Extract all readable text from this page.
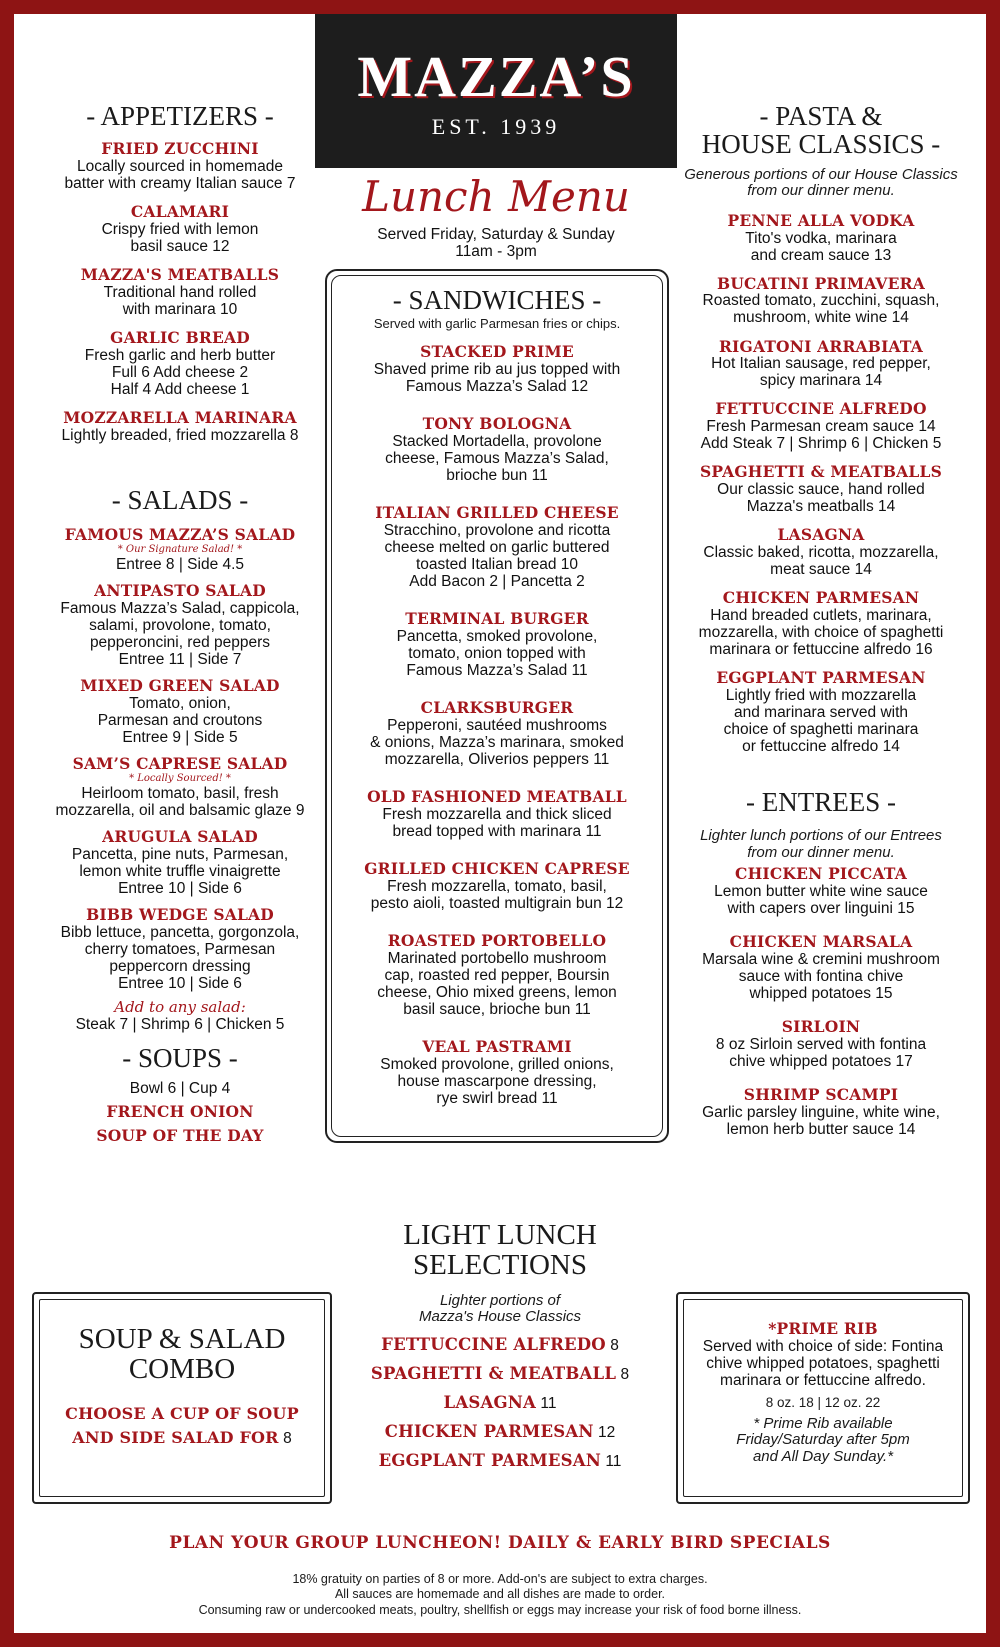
MAZZA’S
EST. 1939
Lunch Menu
Served Friday, Saturday & Sunday
11am - 3pm
- APPETIZERS -
FRIED ZUCCHINI
Locally sourced in homemade
batter with creamy Italian sauce 7
CALAMARI
Crispy fried with lemon
basil sauce 12
MAZZA'S MEATBALLS
Traditional hand rolled
with marinara 10
GARLIC BREAD
Fresh garlic and herb butter
Full 6 Add cheese 2
Half 4 Add cheese 1
MOZZARELLA MARINARA
Lightly breaded, fried mozzarella 8
- SALADS -
FAMOUS MAZZA’S SALAD
* Our Signature Salad! *
Entree 8 | Side 4.5
ANTIPASTO SALAD
Famous Mazza’s Salad, cappicola,
salami, provolone, tomato,
pepperoncini, red peppers
Entree 11 | Side 7
MIXED GREEN SALAD
Tomato, onion,
Parmesan and croutons
Entree 9 | Side 5
SAM’S CAPRESE SALAD
* Locally Sourced! *
Heirloom tomato, basil, fresh
mozzarella, oil and balsamic glaze 9
ARUGULA SALAD
Pancetta, pine nuts, Parmesan,
lemon white truffle vinaigrette
Entree 10 | Side 6
BIBB WEDGE SALAD
Bibb lettuce, pancetta, gorgonzola,
cherry tomatoes, Parmesan
peppercorn dressing
Entree 10 | Side 6
Add to any salad:
Steak 7 | Shrimp 6 | Chicken 5
- SOUPS -
Bowl 6 | Cup 4
FRENCH ONION
SOUP OF THE DAY
- SANDWICHES -
Served with garlic Parmesan fries or chips.
STACKED PRIME
Shaved prime rib au jus topped with
Famous Mazza’s Salad 12
TONY BOLOGNA
Stacked Mortadella, provolone
cheese, Famous Mazza’s Salad,
brioche bun 11
ITALIAN GRILLED CHEESE
Stracchino, provolone and ricotta
cheese melted on garlic buttered
toasted Italian bread 10
Add Bacon 2 | Pancetta 2
TERMINAL BURGER
Pancetta, smoked provolone,
tomato, onion topped with
Famous Mazza’s Salad 11
CLARKSBURGER
Pepperoni, sautéed mushrooms
& onions, Mazza’s marinara, smoked
mozzarella, Oliverios peppers 11
OLD FASHIONED MEATBALL
Fresh mozzarella and thick sliced
bread topped with marinara 11
GRILLED CHICKEN CAPRESE
Fresh mozzarella, tomato, basil,
pesto aioli, toasted multigrain bun 12
ROASTED PORTOBELLO
Marinated portobello mushroom
cap, roasted red pepper, Boursin
cheese, Ohio mixed greens, lemon
basil sauce, brioche bun 11
VEAL PASTRAMI
Smoked provolone, grilled onions,
house mascarpone dressing,
rye swirl bread 11
- PASTA &
HOUSE CLASSICS -
Generous portions of our House Classics
from our dinner menu.
PENNE ALLA VODKA
Tito's vodka, marinara
and cream sauce 13
BUCATINI PRIMAVERA
Roasted tomato, zucchini, squash,
mushroom, white wine 14
RIGATONI ARRABIATA
Hot Italian sausage, red pepper,
spicy marinara 14
FETTUCCINE ALFREDO
Fresh Parmesan cream sauce 14
Add Steak 7 | Shrimp 6 | Chicken 5
SPAGHETTI & MEATBALLS
Our classic sauce, hand rolled
Mazza's meatballs 14
LASAGNA
Classic baked, ricotta, mozzarella,
meat sauce 14
CHICKEN PARMESAN
Hand breaded cutlets, marinara,
mozzarella, with choice of spaghetti
marinara or fettuccine alfredo 16
EGGPLANT PARMESAN
Lightly fried with mozzarella
and marinara served with
choice of spaghetti marinara
or fettuccine alfredo 14
- ENTREES -
Lighter lunch portions of our Entrees
from our dinner menu.
CHICKEN PICCATA
Lemon butter white wine sauce
with capers over linguini 15
CHICKEN MARSALA
Marsala wine & cremini mushroom
sauce with fontina chive
whipped potatoes 15
SIRLOIN
8 oz Sirloin served with fontina
chive whipped potatoes 17
SHRIMP SCAMPI
Garlic parsley linguine, white wine,
lemon herb butter sauce 14
LIGHT LUNCH
SELECTIONS
Lighter portions of
Mazza's House Classics
FETTUCCINE ALFREDO 8
SPAGHETTI & MEATBALL 8
LASAGNA 11
CHICKEN PARMESAN 12
EGGPLANT PARMESAN 11
SOUP & SALAD
COMBO
CHOOSE A CUP OF SOUP
AND SIDE SALAD FOR 8
*PRIME RIB
Served with choice of side: Fontina
chive whipped potatoes, spaghetti
marinara or fettuccine alfredo.
8 oz. 18 | 12 oz. 22
* Prime Rib available
Friday/Saturday after 5pm
and All Day Sunday.*
PLAN YOUR GROUP LUNCHEON! DAILY & EARLY BIRD SPECIALS
18% gratuity on parties of 8 or more. Add-on's are subject to extra charges.
All sauces are homemade and all dishes are made to order.
Consuming raw or undercooked meats, poultry, shellfish or eggs may increase your risk of food borne illness.
